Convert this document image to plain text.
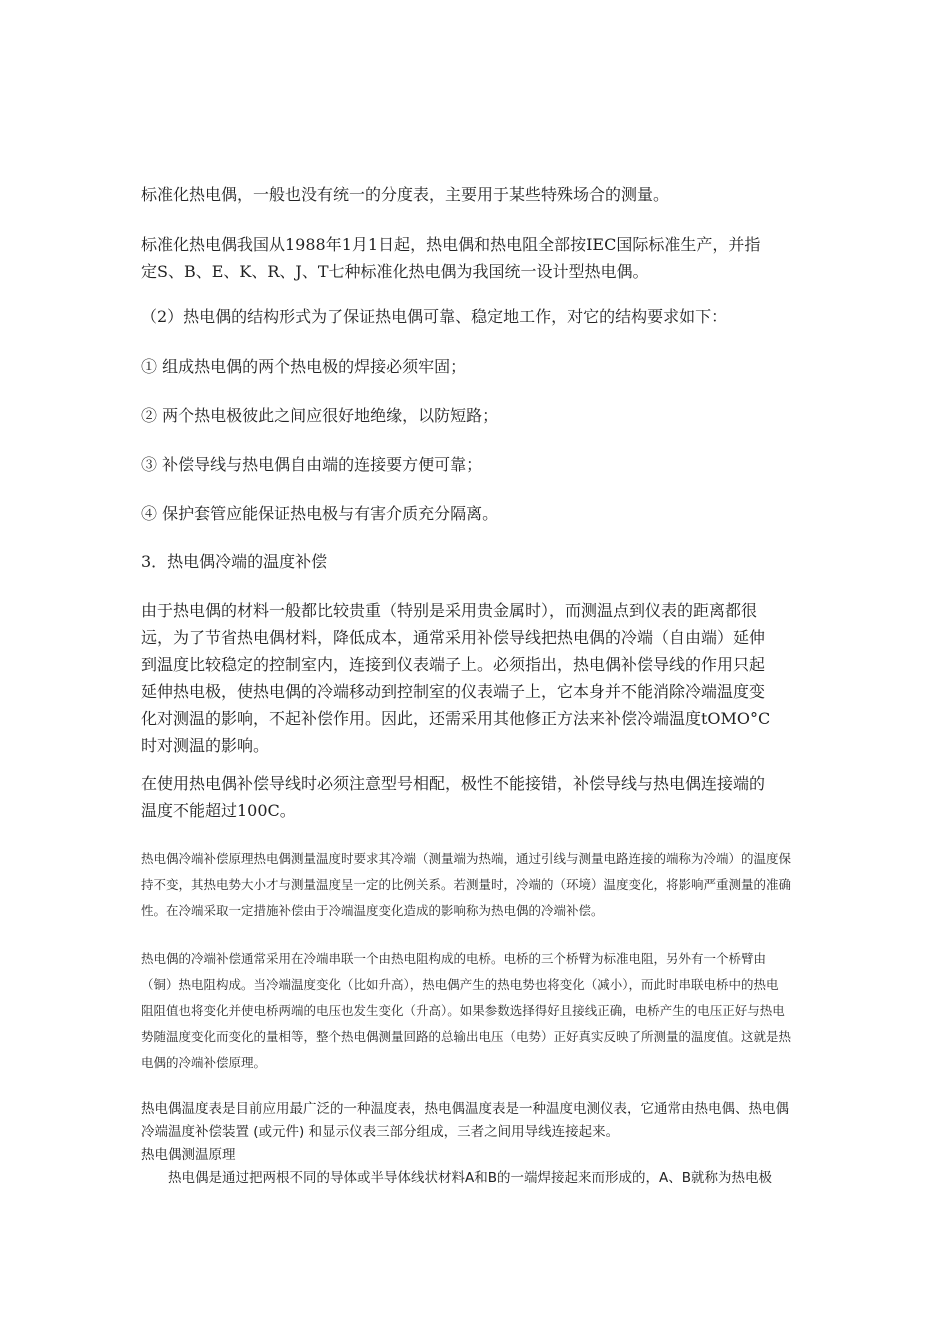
标准化热电偶，一般也没有统一的分度表，主要用于某些特殊场合的测量。

标准化热电偶我国从1988年1月1日起，热电偶和热电阻全部按IEC国际标准生产，并指
定S、B、E、K、R、J、T七种标准化热电偶为我国统一设计型热电偶。

（2）热电偶的结构形式为了保证热电偶可靠、稳定地工作，对它的结构要求如下：

① 组成热电偶的两个热电极的焊接必须牢固；

② 两个热电极彼此之间应很好地绝缘，以防短路；

③ 补偿导线与热电偶自由端的连接要方便可靠；

④ 保护套管应能保证热电极与有害介质充分隔离。

3．热电偶冷端的温度补偿

由于热电偶的材料一般都比较贵重（特别是采用贵金属时），而测温点到仪表的距离都很
远，为了节省热电偶材料，降低成本，通常采用补偿导线把热电偶的冷端（自由端）延伸
到温度比较稳定的控制室内，连接到仪表端子上。必须指出，热电偶补偿导线的作用只起
延伸热电极，使热电偶的冷端移动到控制室的仪表端子上，它本身并不能消除冷端温度变
化对测温的影响，不起补偿作用。因此，还需采用其他修正方法来补偿冷端温度tOMO°C
时对测温的影响。

在使用热电偶补偿导线时必须注意型号相配，极性不能接错，补偿导线与热电偶连接端的
温度不能超过100C。

热电偶冷端补偿原理热电偶测量温度时要求其冷端（测量端为热端，通过引线与测量电路连接的端称为冷端）的温度保
持不变，其热电势大小才与测量温度呈一定的比例关系。若测量时，冷端的（环境）温度变化，将影响严重测量的准确
性。在冷端采取一定措施补偿由于冷端温度变化造成的影响称为热电偶的冷端补偿。

热电偶的冷端补偿通常采用在冷端串联一个由热电阻构成的电桥。电桥的三个桥臂为标准电阻，另外有一个桥臂由
（铜）热电阻构成。当冷端温度变化（比如升高），热电偶产生的热电势也将变化（减小），而此时串联电桥中的热电
阻阻值也将变化并使电桥两端的电压也发生变化（升高）。如果参数选择得好且接线正确，电桥产生的电压正好与热电
势随温度变化而变化的量相等，整个热电偶测量回路的总输出电压（电势）正好真实反映了所测量的温度值。这就是热
电偶的冷端补偿原理。

热电偶温度表是目前应用最广泛的一种温度表，热电偶温度表是一种温度电测仪表，它通常由热电偶、热电偶
冷端温度补偿装置 (或元件) 和显示仪表三部分组成，三者之间用导线连接起来。
热电偶测温原理
热电偶是通过把两根不同的导体或半导体线状材料A和B的一端焊接起来而形成的，A、B就称为热电极
